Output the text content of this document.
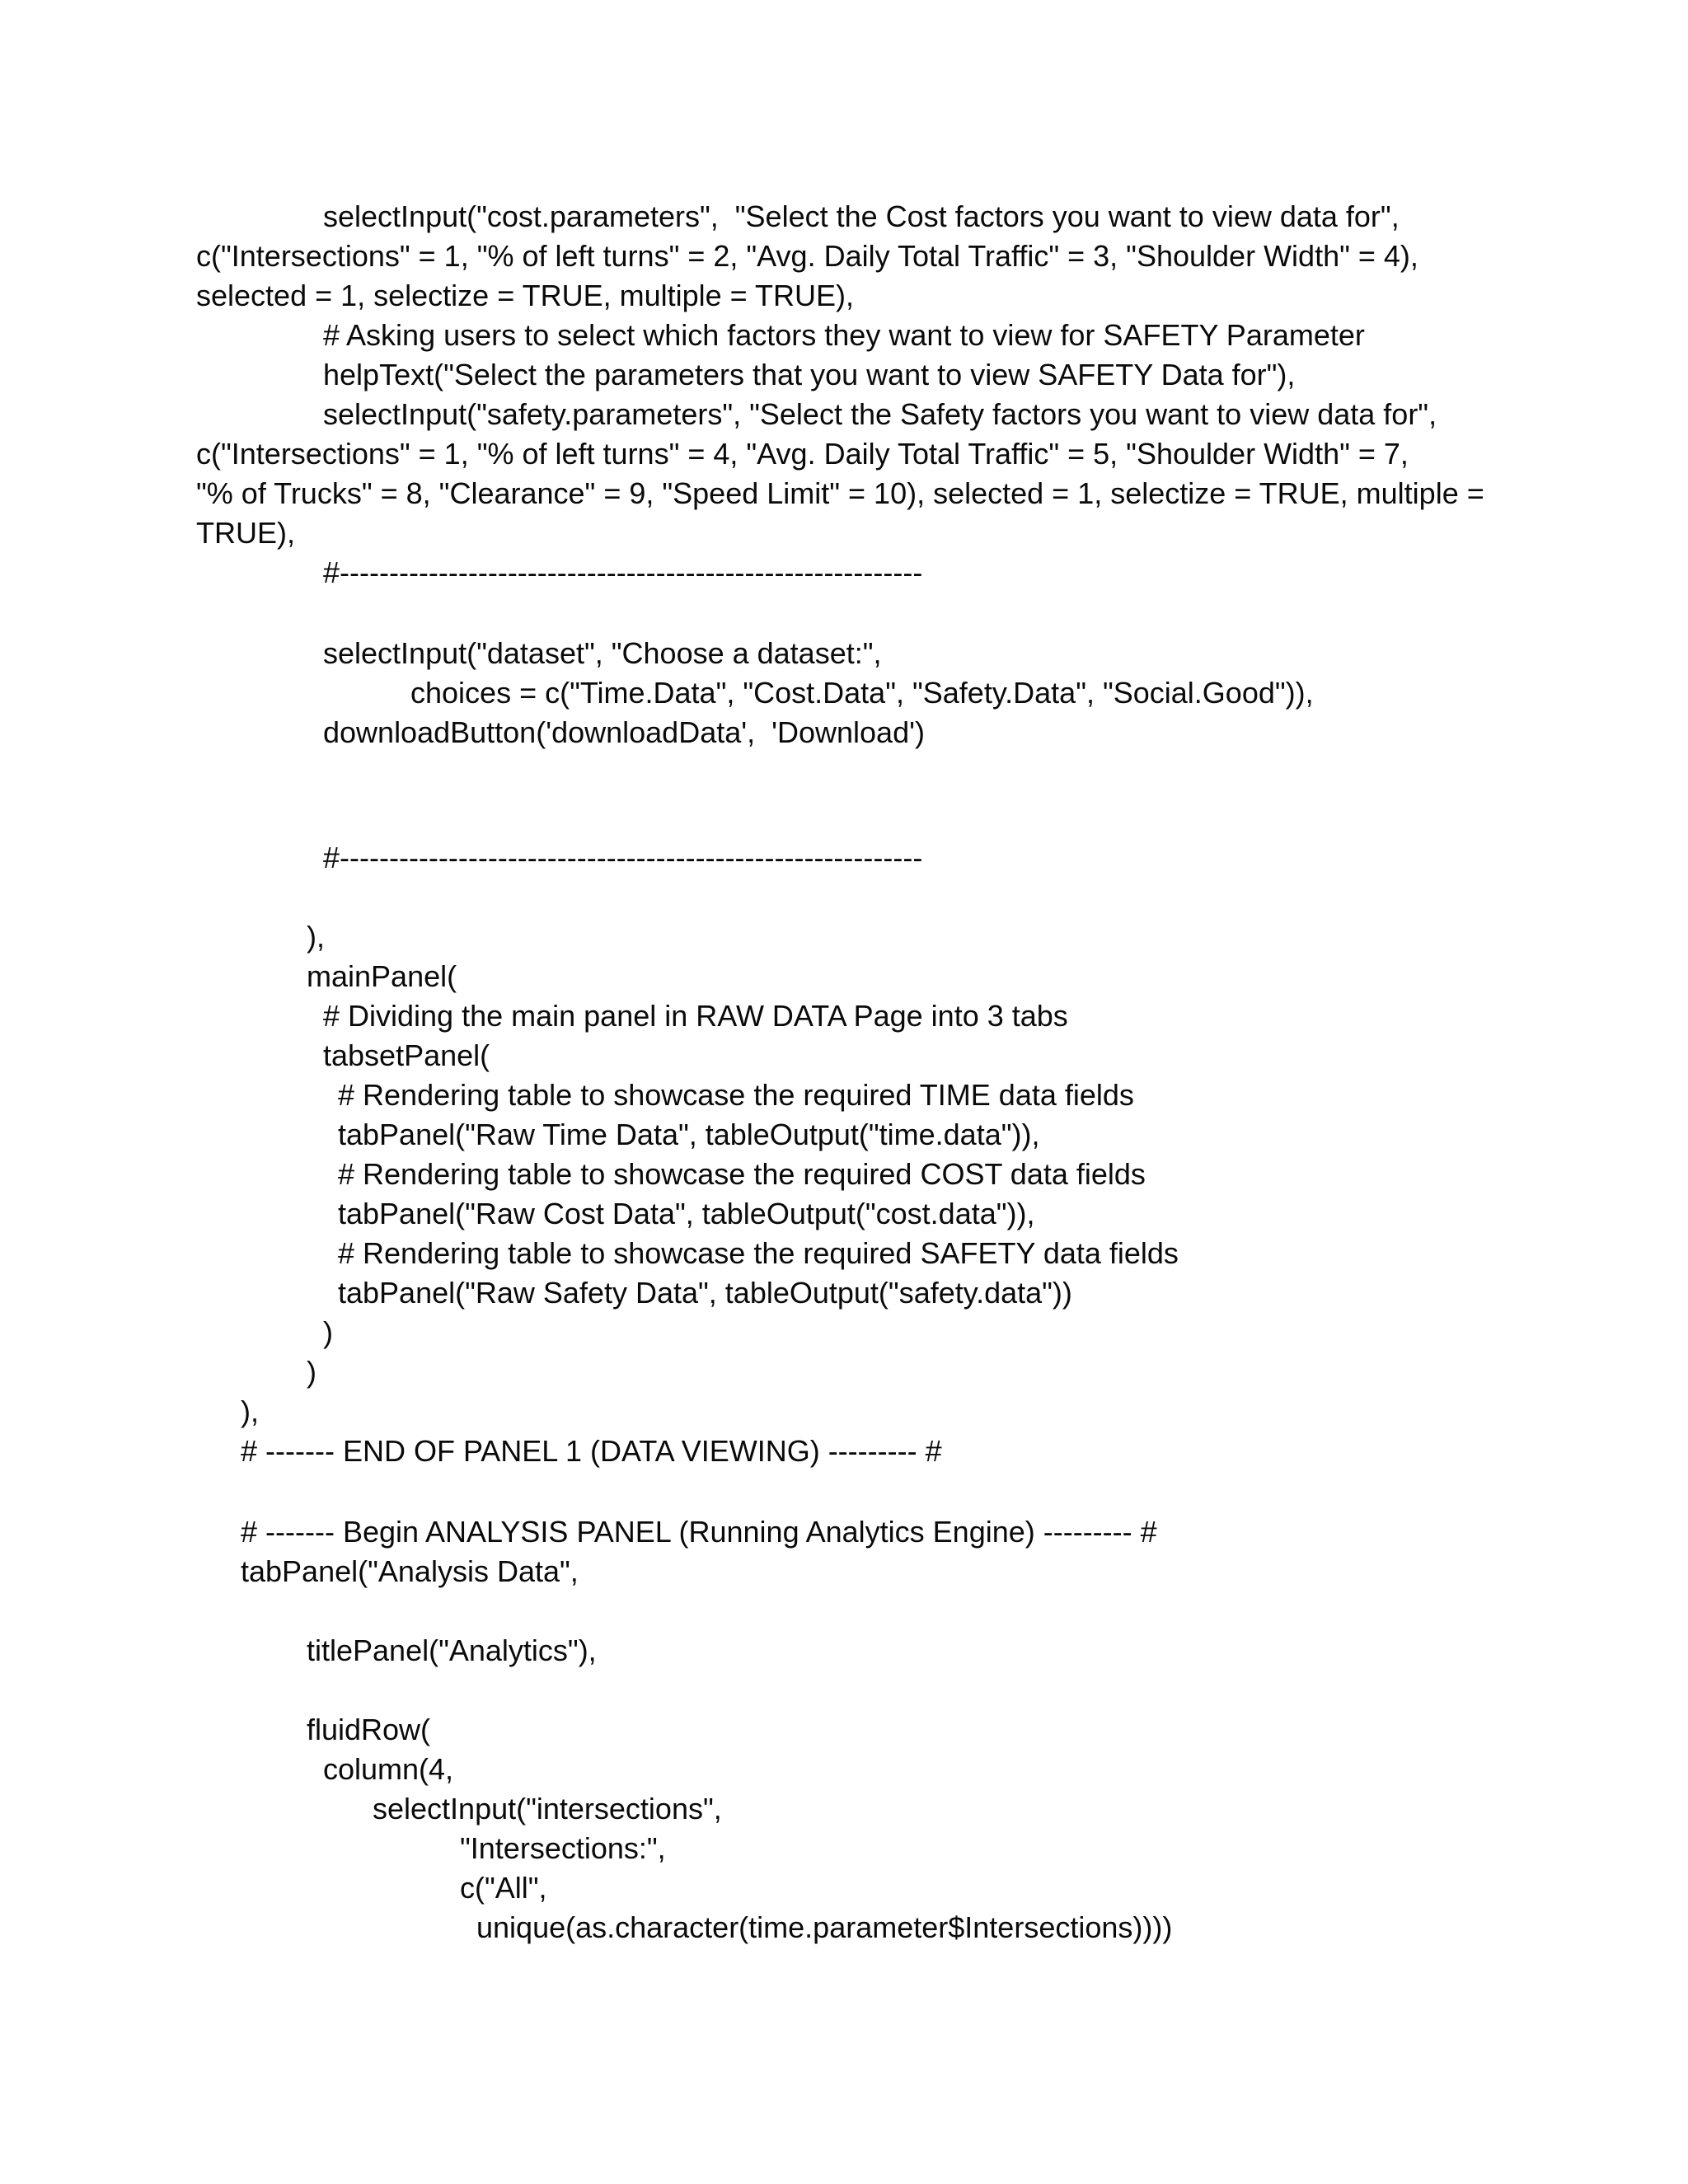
selectInput("cost.parameters",  "Select the Cost factors you want to view data for",
c("Intersections" = 1, "% of left turns" = 2, "Avg. Daily Total Traffic" = 3, "Shoulder Width" = 4),
selected = 1, selectize = TRUE, multiple = TRUE),
# Asking users to select which factors they want to view for SAFETY Parameter
helpText("Select the parameters that you want to view SAFETY Data for"),
selectInput("safety.parameters", "Select the Safety factors you want to view data for",
c("Intersections" = 1, "% of left turns" = 4, "Avg. Daily Total Traffic" = 5, "Shoulder Width" = 7,
"% of Trucks" = 8, "Clearance" = 9, "Speed Limit" = 10), selected = 1, selectize = TRUE, multiple =
TRUE),
#-----------------------------------------------------------
selectInput("dataset", "Choose a dataset:",
choices = c("Time.Data", "Cost.Data", "Safety.Data", "Social.Good")),
downloadButton('downloadData',  'Download')
#-----------------------------------------------------------
),
mainPanel(
# Dividing the main panel in RAW DATA Page into 3 tabs
tabsetPanel(
# Rendering table to showcase the required TIME data fields
tabPanel("Raw Time Data", tableOutput("time.data")),
# Rendering table to showcase the required COST data fields
tabPanel("Raw Cost Data", tableOutput("cost.data")),
# Rendering table to showcase the required SAFETY data fields
tabPanel("Raw Safety Data", tableOutput("safety.data"))
)
)
),
# ------- END OF PANEL 1 (DATA VIEWING) --------- #
# ------- Begin ANALYSIS PANEL (Running Analytics Engine) --------- #
tabPanel("Analysis Data",
titlePanel("Analytics"),
fluidRow(
column(4,
selectInput("intersections",
"Intersections:",
c("All",
unique(as.character(time.parameter$Intersections))))
